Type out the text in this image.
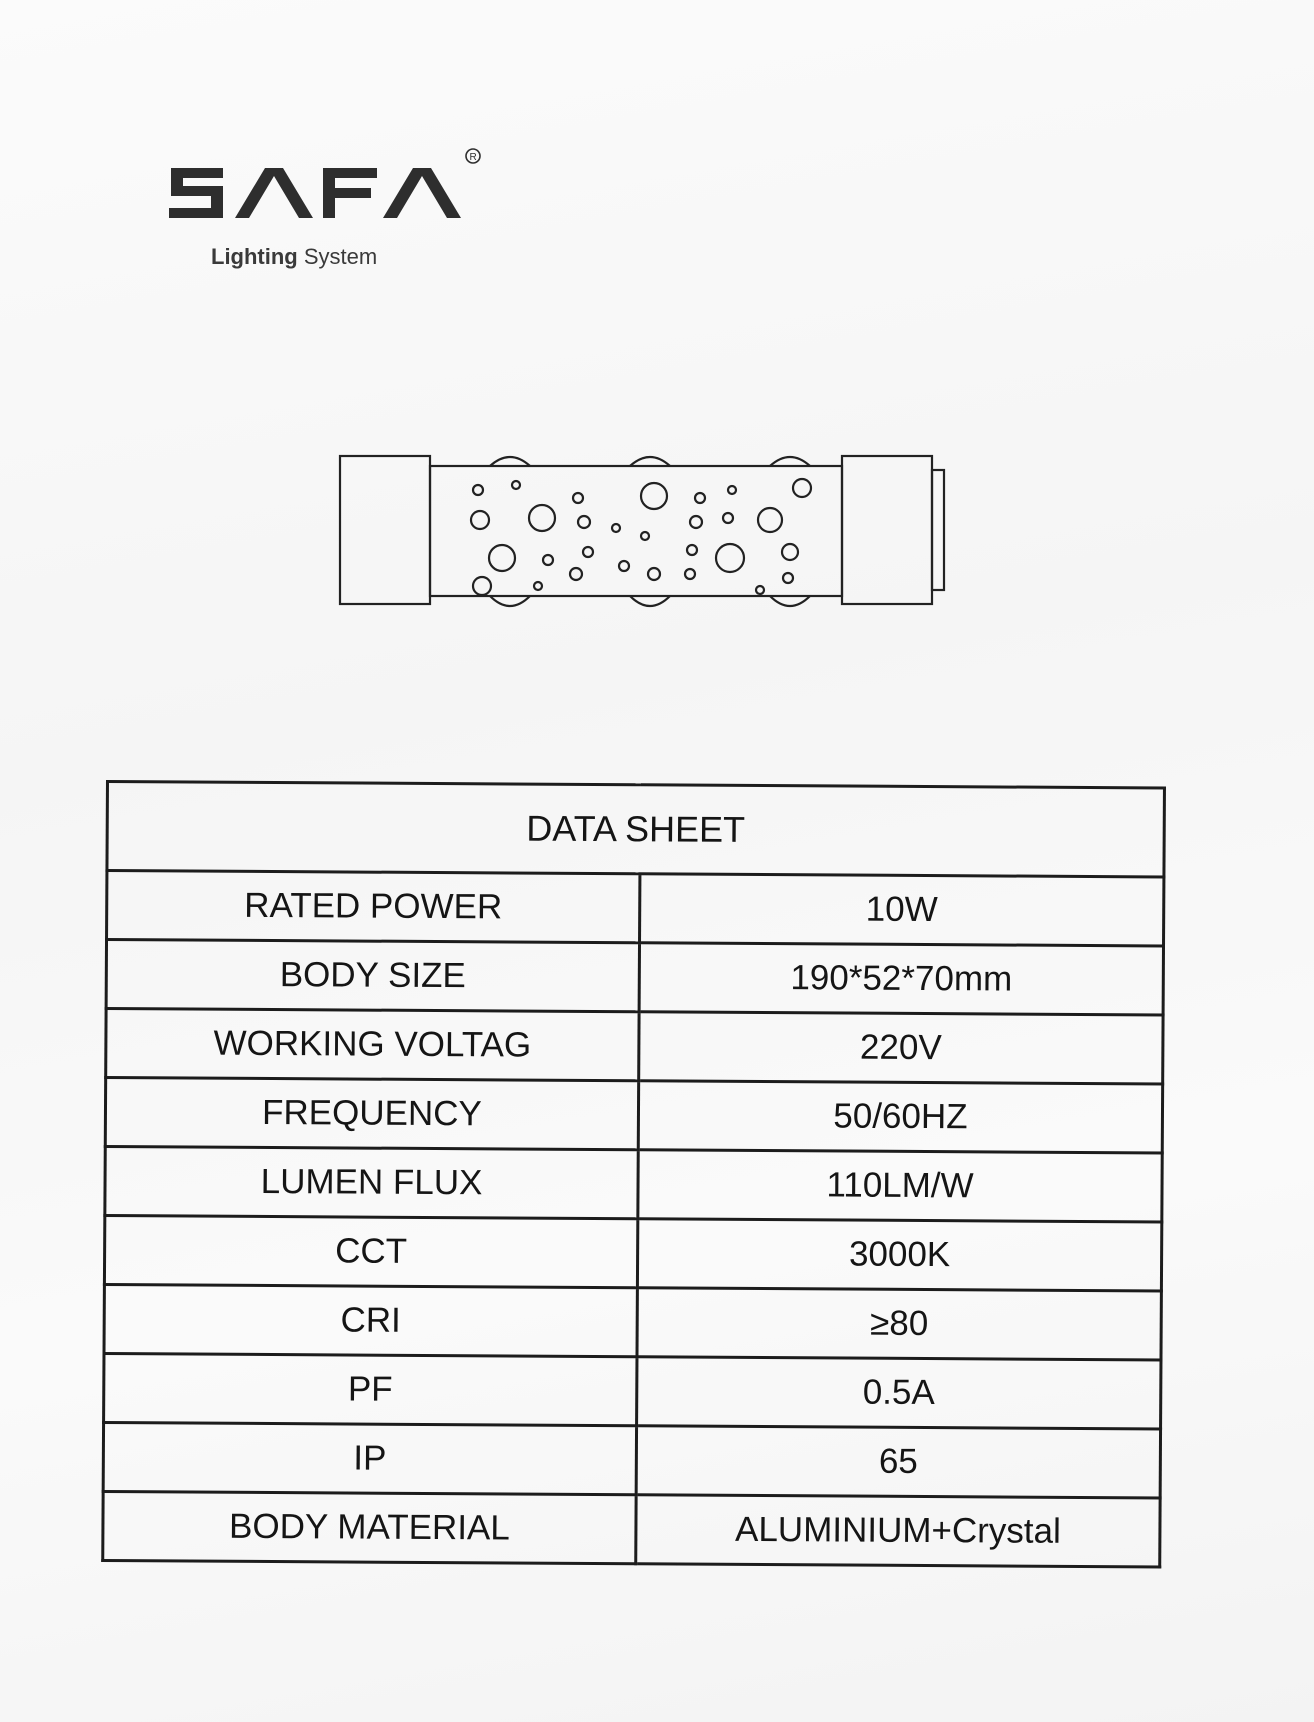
R
Lighting System
DATA SHEET	
RATED POWER	10W
BODY SIZE	190*52*70mm
WORKING VOLTAG	220V
FREQUENCY	50/60HZ
LUMEN FLUX	110LM/W
CCT	3000K
CRI	≥80
PF	0.5A
IP	65
BODY MATERIAL	ALUMINIUM+Crystal
